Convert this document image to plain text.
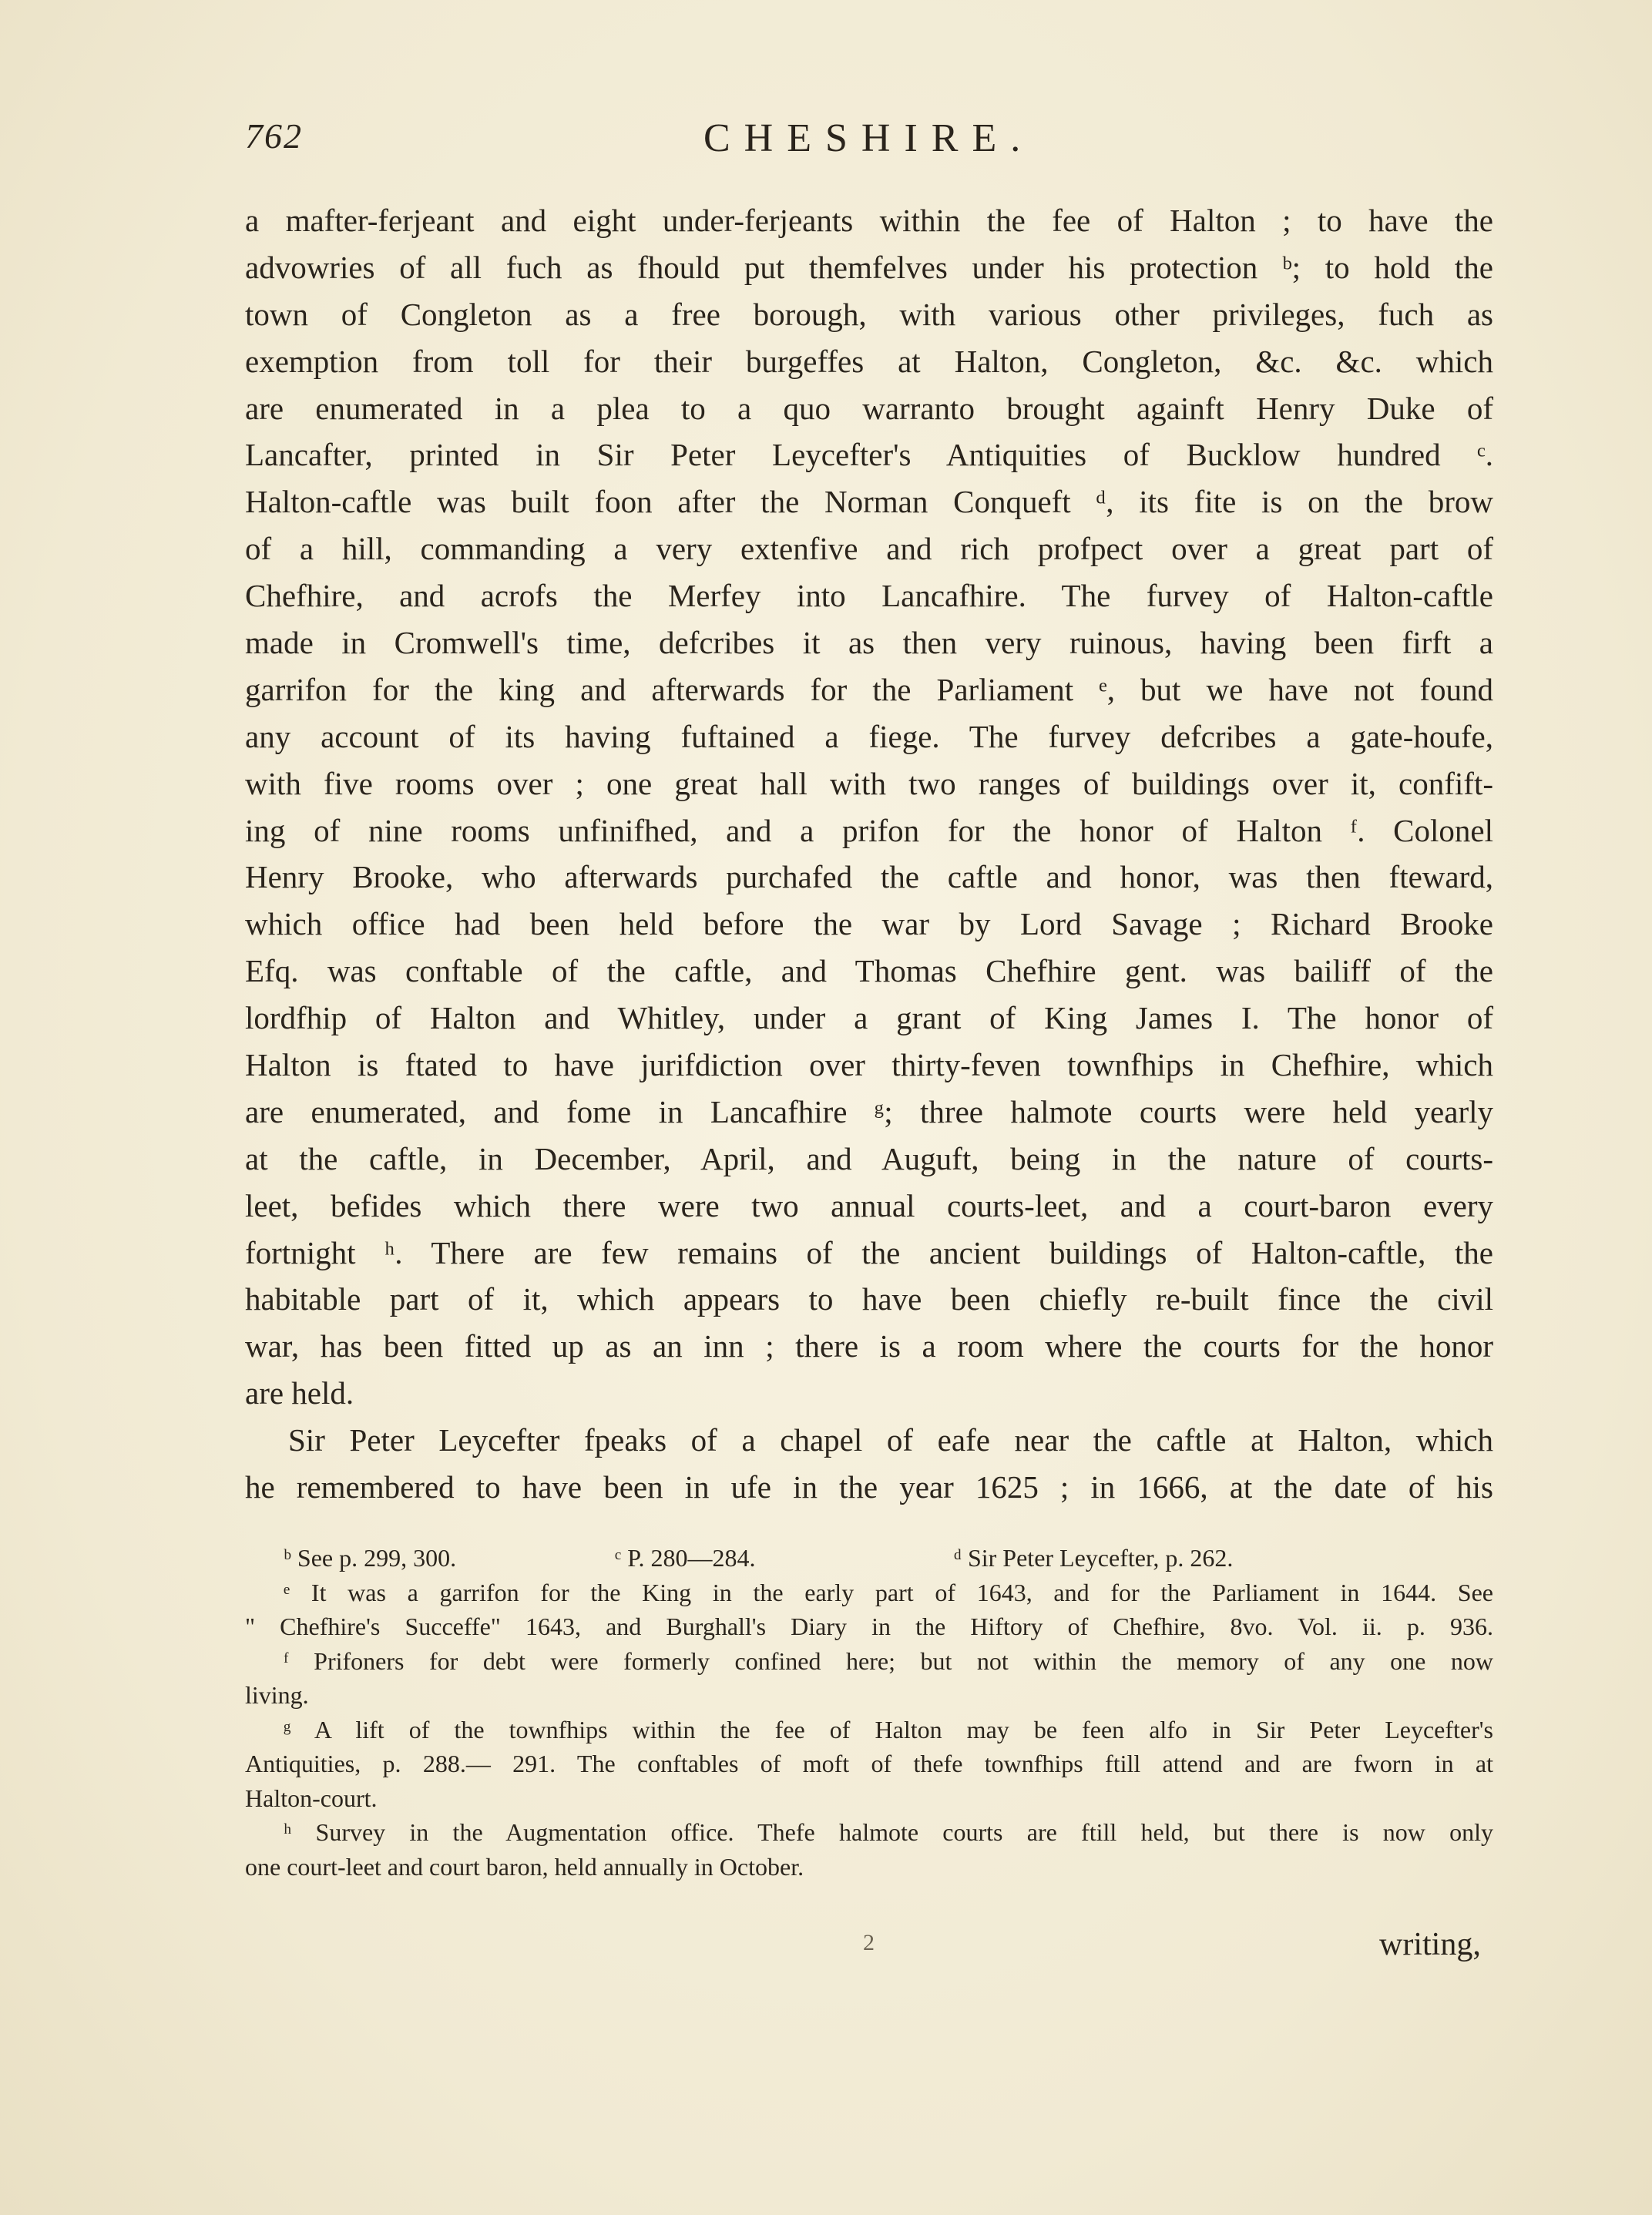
762	CHESHIRE.
a mafter-ferjeant and eight under-ferjeants within the fee of Halton ; to have the
advowries of all fuch as fhould put themfelves under his protection ᵇ; to hold the
town of Congleton as a free borough, with various other privileges, fuch as
exemption from toll for their burgeffes at Halton, Congleton, &c. &c. which
are enumerated in a plea to a quo warranto brought againft Henry Duke of
Lancafter, printed in Sir Peter Leycefter's Antiquities of Bucklow hundred ᶜ.
Halton-caftle was built foon after the Norman Conqueft ᵈ, its fite is on the brow
of a hill, commanding a very extenfive and rich profpect over a great part of
Chefhire, and acrofs the Merfey into Lancafhire. The furvey of Halton-caftle
made in Cromwell's time, defcribes it as then very ruinous, having been firft a
garrifon for the king and afterwards for the Parliament ᵉ, but we have not found
any account of its having fuftained a fiege. The furvey defcribes a gate-houfe,
with five rooms over ; one great hall with two ranges of buildings over it, confift-
ing of nine rooms unfinifhed, and a prifon for the honor of Halton ᶠ. Colonel
Henry Brooke, who afterwards purchafed the caftle and honor, was then fteward,
which office had been held before the war by Lord Savage ; Richard Brooke
Efq. was conftable of the caftle, and Thomas Chefhire gent. was bailiff of the
lordfhip of Halton and Whitley, under a grant of King James I. The honor of
Halton is ftated to have jurifdiction over thirty-feven townfhips in Chefhire, which
are enumerated, and fome in Lancafhire ᵍ; three halmote courts were held yearly
at the caftle, in December, April, and Auguft, being in the nature of courts-
leet, befides which there were two annual courts-leet, and a court-baron every
fortnight ʰ. There are few remains of the ancient buildings of Halton-caftle, the
habitable part of it, which appears to have been chiefly re-built fince the civil
war, has been fitted up as an inn ; there is a room where the courts for the honor
are held.
Sir Peter Leycefter fpeaks of a chapel of eafe near the caftle at Halton, which
he remembered to have been in ufe in the year 1625 ; in 1666, at the date of his
ᵇ See p. 299, 300.	ᶜ P. 280—284.	ᵈ Sir Peter Leycefter, p. 262.
ᵉ It was a garrifon for the King in the early part of 1643, and for the Parliament in 1644. See
" Chefhire's Succeffe" 1643, and Burghall's Diary in the Hiftory of Chefhire, 8vo. Vol. ii. p. 936.
ᶠ Prifoners for debt were formerly confined here; but not within the memory of any one now
living.
ᵍ A lift of the townfhips within the fee of Halton may be feen alfo in Sir Peter Leycefter's
Antiquities, p. 288.— 291. The conftables of moft of thefe townfhips ftill attend and are fworn in at
Halton-court.
ʰ Survey in the Augmentation office. Thefe halmote courts are ftill held, but there is now only
one court-leet and court baron, held annually in October.
2	writing,
